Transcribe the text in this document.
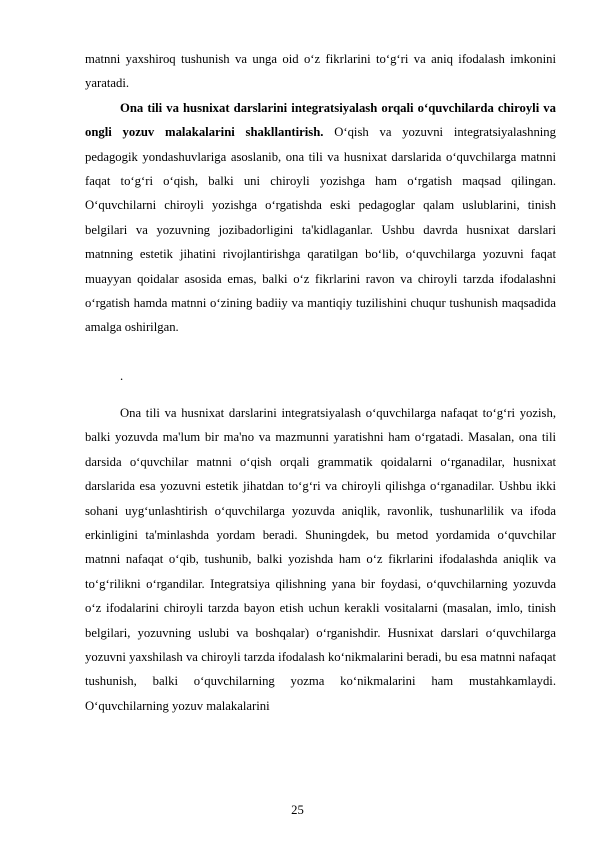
matnni yaxshiroq tushunish va unga oid o‘z fikrlarini to‘g‘ri va aniq ifodalash imkonini yaratadi.

Ona tili va husnixat darslarini integratsiyalash orqali o‘quvchilarda chiroyli va ongli yozuv malakalarini shakllantirish. O‘qish va yozuvni integratsiyalashning pedagogik yondashuvlariga asoslanib, ona tili va husnixat darslarida o‘quvchilarga matnni faqat to‘g‘ri o‘qish, balki uni chiroyli yozishga ham o‘rgatish maqsad qilingan. O‘quvchilarni chiroyli yozishga o‘rgatishda eski pedagoglar qalam uslublarini, tinish belgilari va yozuvning jozibadorligini ta'kidlaganlar. Ushbu davrda husnixat darslari matnning estetik jihatini rivojlantirishga qaratilgan bo‘lib, o‘quvchilarga yozuvni faqat muayyan qoidalar asosida emas, balki o‘z fikrlarini ravon va chiroyli tarzda ifodalashni o‘rgatish hamda matnni o‘zining badiiy va mantiqiy tuzilishini chuqur tushunish maqsadida amalga oshirilgan.

.

Ona tili va husnixat darslarini integratsiyalash o‘quvchilarga nafaqat to‘g‘ri yozish, balki yozuvda ma'lum bir ma'no va mazmunni yaratishni ham o‘rgatadi. Masalan, ona tili darsida o‘quvchilar matnni o‘qish orqali grammatik qoidalarni o‘rganadilar, husnixat darslarida esa yozuvni estetik jihatdan to‘g‘ri va chiroyli qilishga o‘rganadilar. Ushbu ikki sohani uyg‘unlashtirish o‘quvchilarga yozuvda aniqlik, ravonlik, tushunarlilik va ifoda erkinligini ta'minlashda yordam beradi. Shuningdek, bu metod yordamida o‘quvchilar matnni nafaqat o‘qib, tushunib, balki yozishda ham o‘z fikrlarini ifodalashda aniqlik va to‘g‘rilikni o‘rgandilar. Integratsiya qilishning yana bir foydasi, o‘quvchilarning yozuvda o‘z ifodalarini chiroyli tarzda bayon etish uchun kerakli vositalarni (masalan, imlo, tinish belgilari, yozuvning uslubi va boshqalar) o‘rganishdir. Husnixat darslari o‘quvchilarga yozuvni yaxshilash va chiroyli tarzda ifodalash ko‘nikmalarini beradi, bu esa matnni nafaqat tushunish, balki o‘quvchilarning yozma ko‘nikmalarini ham mustahkamlaydi. O‘quvchilarning yozuv malakalarini

25
